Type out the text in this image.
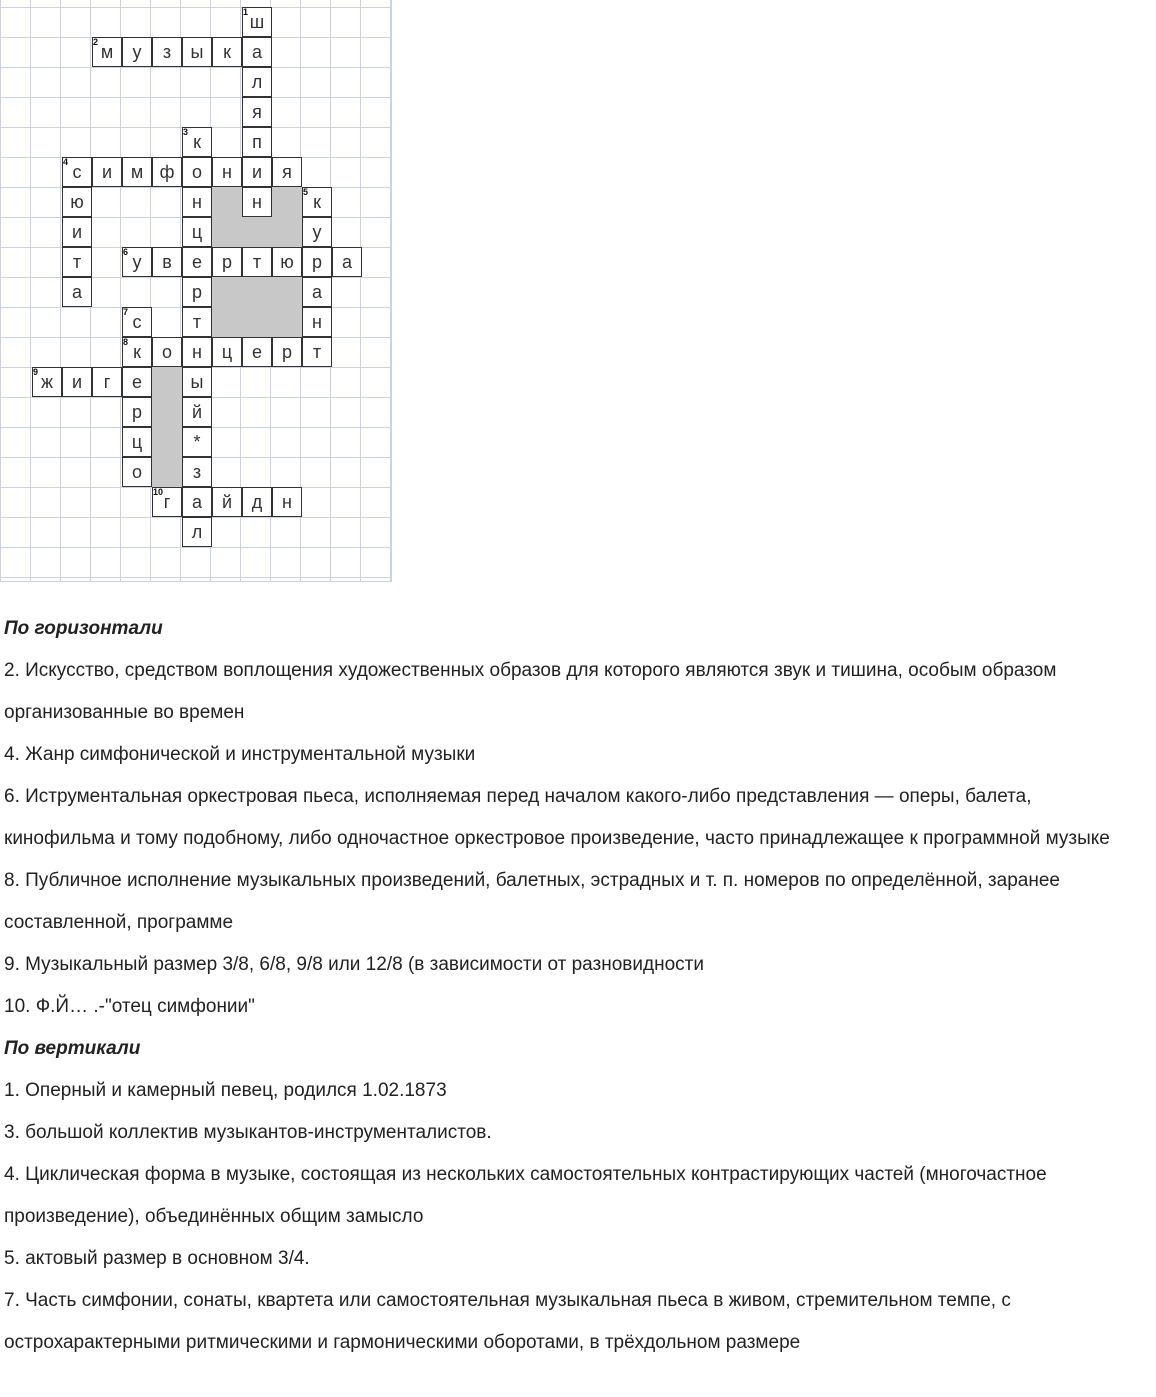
ш
а
л
я
п
и
н
м	у	з	ы	к
к
о
н
ц
е
р
т
н
ы
й
*
з
а
л
с	и	м ф	н	я
ю
и
т
а
к
у
р
а
н
т
у	в	р	т	ю	а
с
к
е
р
ц
о
о	ц	е	р
ж	и	г
г	й	д	н
1
2
3
4
5
6
7
8
9
10

По горизонтали

2. Искусство, средством воплощения художественных образов для которого являются звук и тишина, особым образом организованные во времен

4. Жанр симфонической и инструментальной музыки

6. Иструментальная оркестровая пьеса, исполняемая перед началом какого-либо представления — оперы, балета, кинофильма и тому подобному, либо одночастное оркестровое произведение, часто принадлежащее к программной музыке

8. Публичное исполнение музыкальных произведений, балетных, эстрадных и т. п. номеров по определённой, заранее составленной, программе

9. Музыкальный размер 3/8, 6/8, 9/8 или 12/8 (в зависимости от разновидности

10. Ф.Й… .-"отец симфонии"

По вертикали

1. Оперный и камерный певец, родился 1.02.1873

3. большой коллектив музыкантов-инструменталистов.

4. Циклическая форма в музыке, состоящая из нескольких самостоятельных контрастирующих частей (многочастное произведение), объединённых общим замысло

5. актовый размер в основном 3/4.

7. Часть симфонии, сонаты, квартета или самостоятельная музыкальная пьеса в живом, стремительном темпе, с острохарактерными ритмическими и гармоническими оборотами, в трёхдольном размере
